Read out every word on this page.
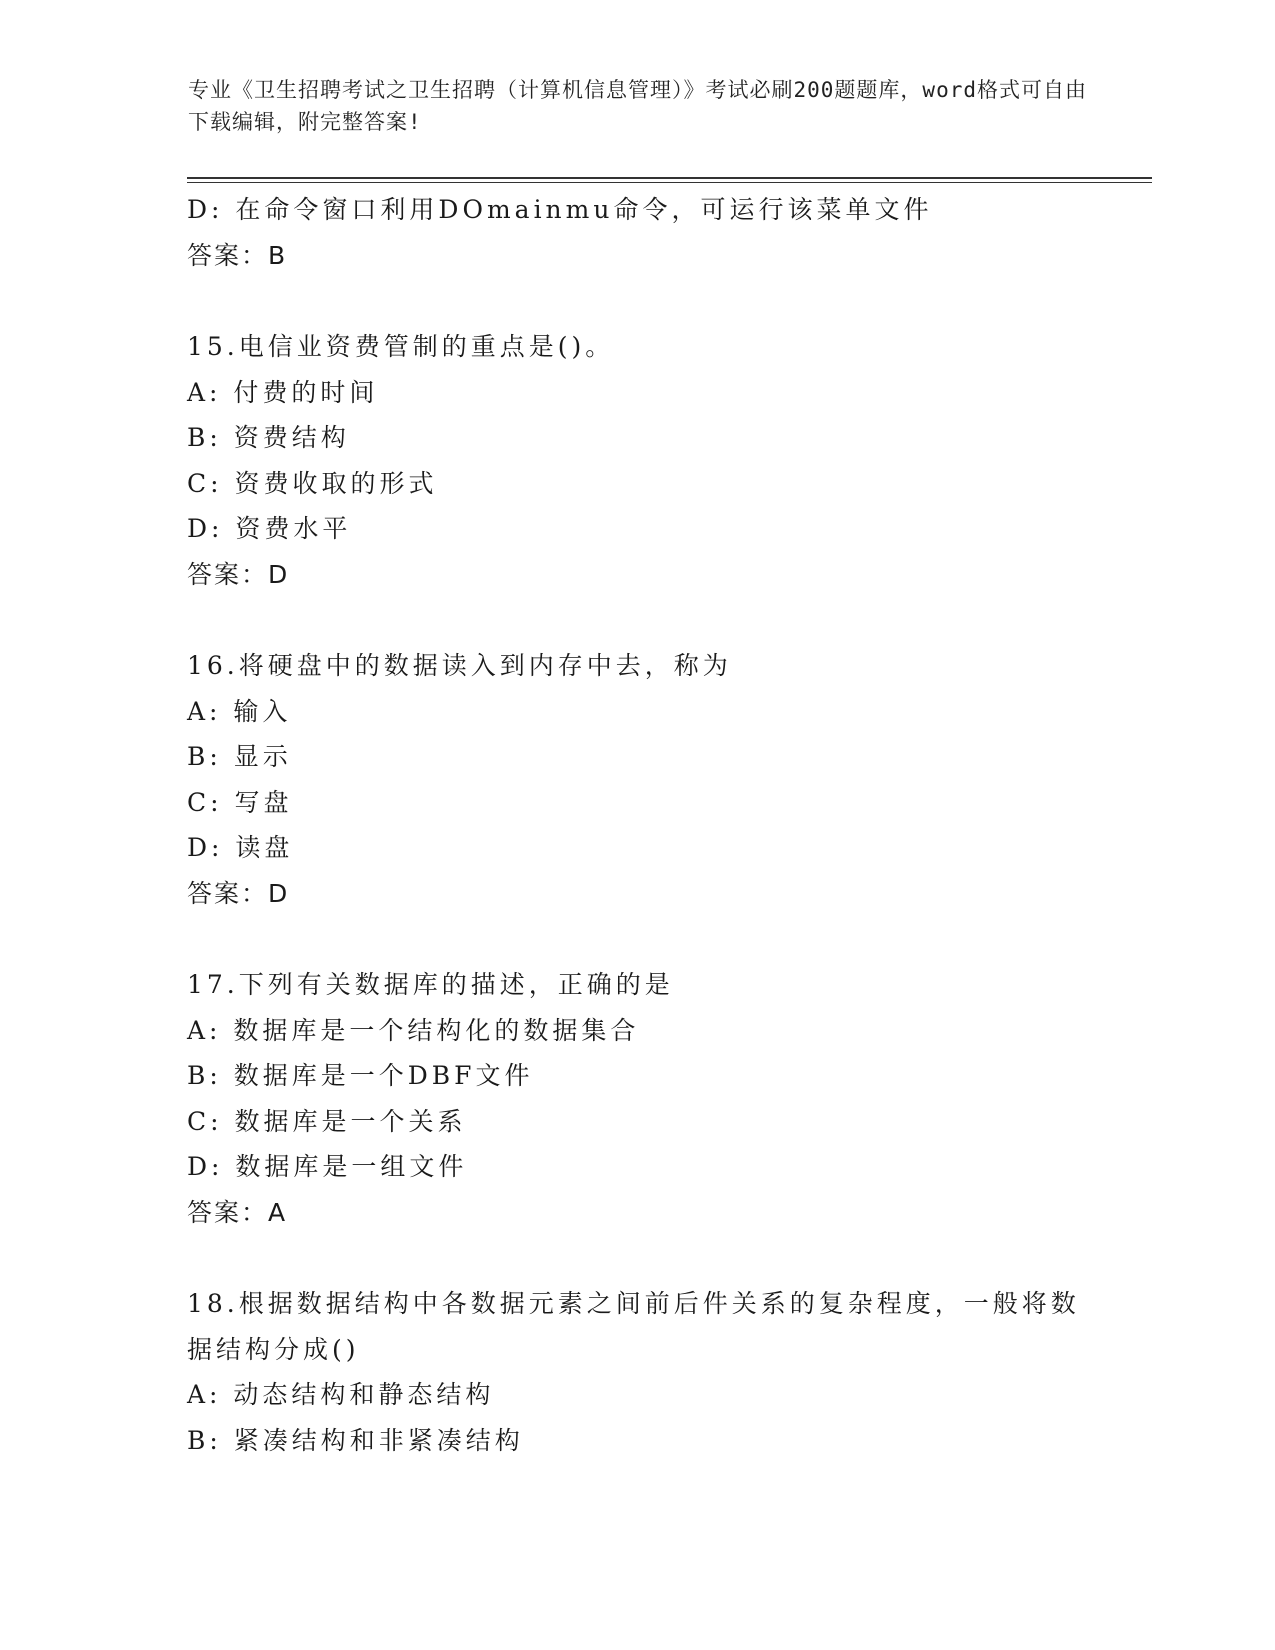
专业《卫生招聘考试之卫生招聘（计算机信息管理）》考试必刷200题题库，word格式可自由下载编辑，附完整答案!
D: 在命令窗口利用DOmainmu命令，可运行该菜单文件
答案：B
15.电信业资费管制的重点是()。
A: 付费的时间
B: 资费结构
C: 资费收取的形式
D: 资费水平
答案：D
16.将硬盘中的数据读入到内存中去，称为
A: 输入
B: 显示
C: 写盘
D: 读盘
答案：D
17.下列有关数据库的描述，正确的是
A: 数据库是一个结构化的数据集合
B: 数据库是一个DBF文件
C: 数据库是一个关系
D: 数据库是一组文件
答案：A
18.根据数据结构中各数据元素之间前后件关系的复杂程度，一般将数据结构分成()
A: 动态结构和静态结构
B: 紧凑结构和非紧凑结构
